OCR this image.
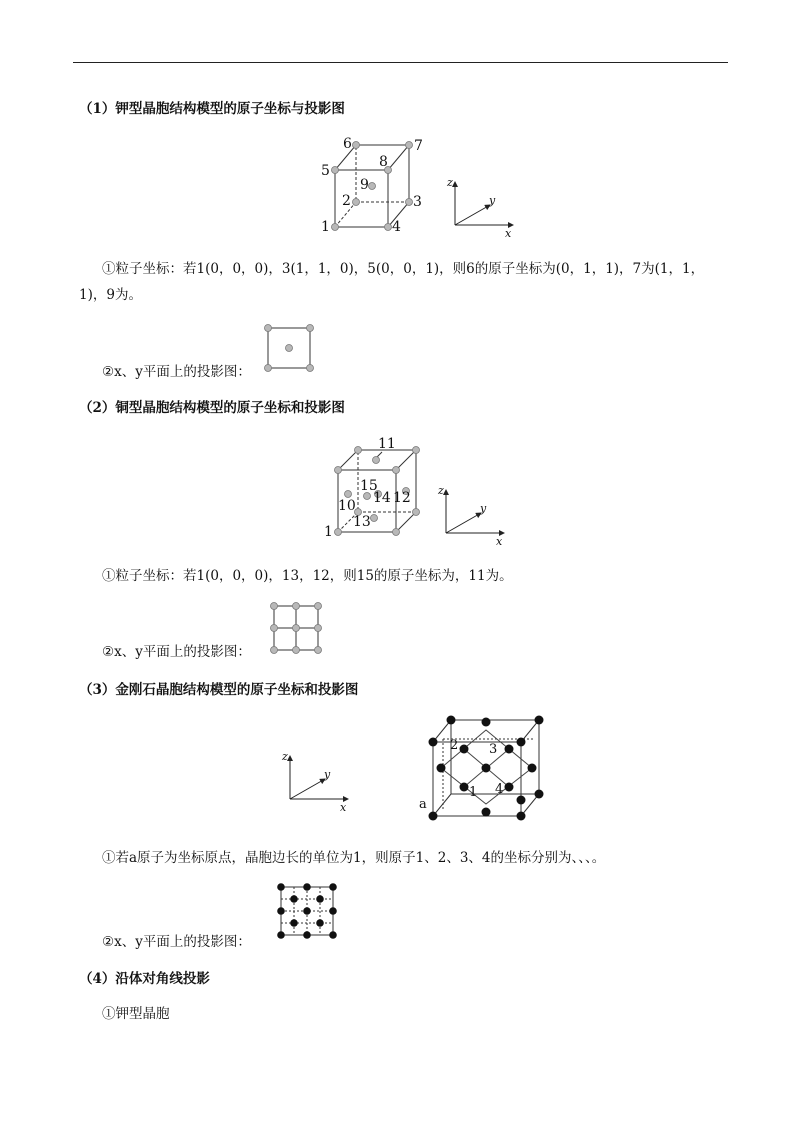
（1）钾型晶胞结构模型的原子坐标与投影图
1
2	3
4
5
6	7
8
9	z
y
x
①粒子坐标：若1(0，0，0)，3(1，1，0)，5(0，0，1)，则6的原子坐标为(0，1，1)，7为(1，1，1)，9为。
②x、y平面上的投影图：
（2）铜型晶胞结构模型的原子坐标和投影图
1
10
11
12
13
14
15	z
y
x
①粒子坐标：若1(0，0，0)，13，12，则15的原子坐标为，11为。
②x、y平面上的投影图：
（3）金刚石晶胞结构模型的原子坐标和投影图
z
y
x	a
1
2 3
4
①若a原子为坐标原点，晶胞边长的单位为1，则原子1、2、3、4的坐标分别为、、、。
②x、y平面上的投影图：
（4）沿体对角线投影
①钾型晶胞
